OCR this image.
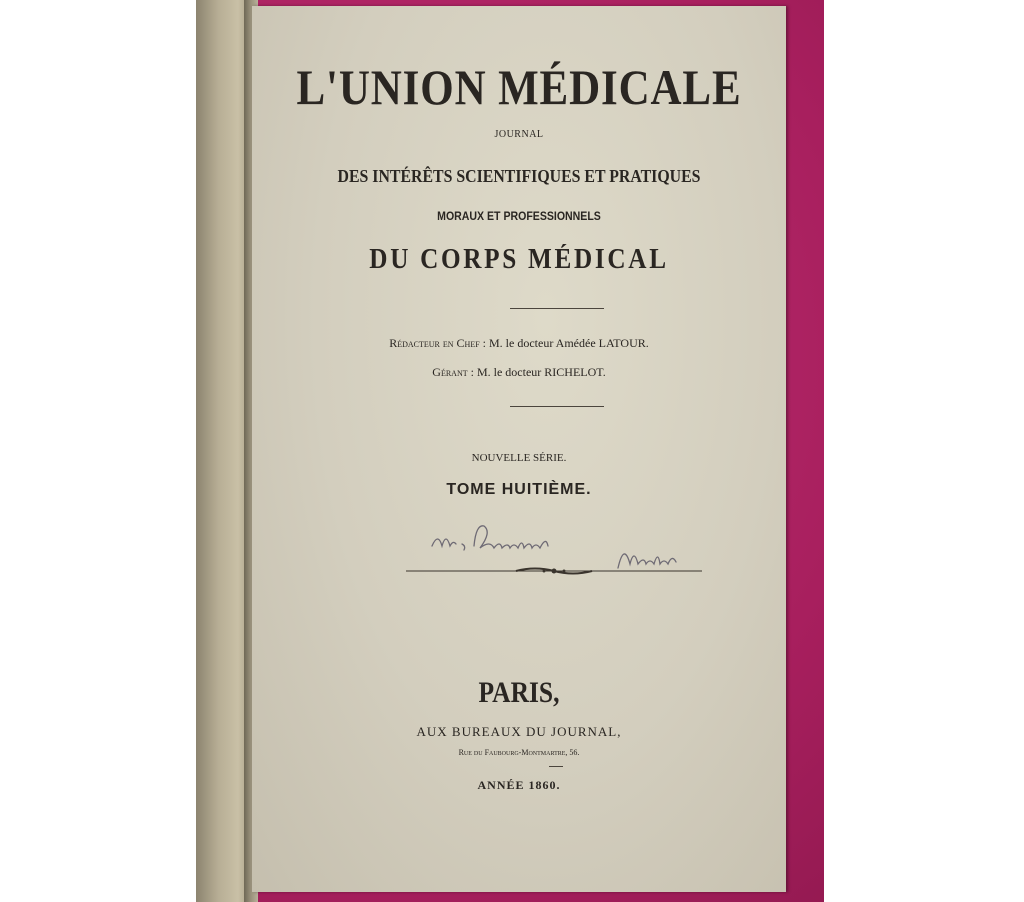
L'UNION MÉDICALE
JOURNAL
DES INTÉRÊTS SCIENTIFIQUES ET PRATIQUES
MORAUX ET PROFESSIONNELS
DU CORPS MÉDICAL
Rédacteur en Chef : M. le docteur Amédée LATOUR.
Gérant : M. le docteur RICHELOT.
NOUVELLE SÉRIE.
TOME HUITIÈME.
PARIS,
AUX BUREAUX DU JOURNAL,
Rue du Faubourg-Montmartre, 56.
ANNÉE 1860.
